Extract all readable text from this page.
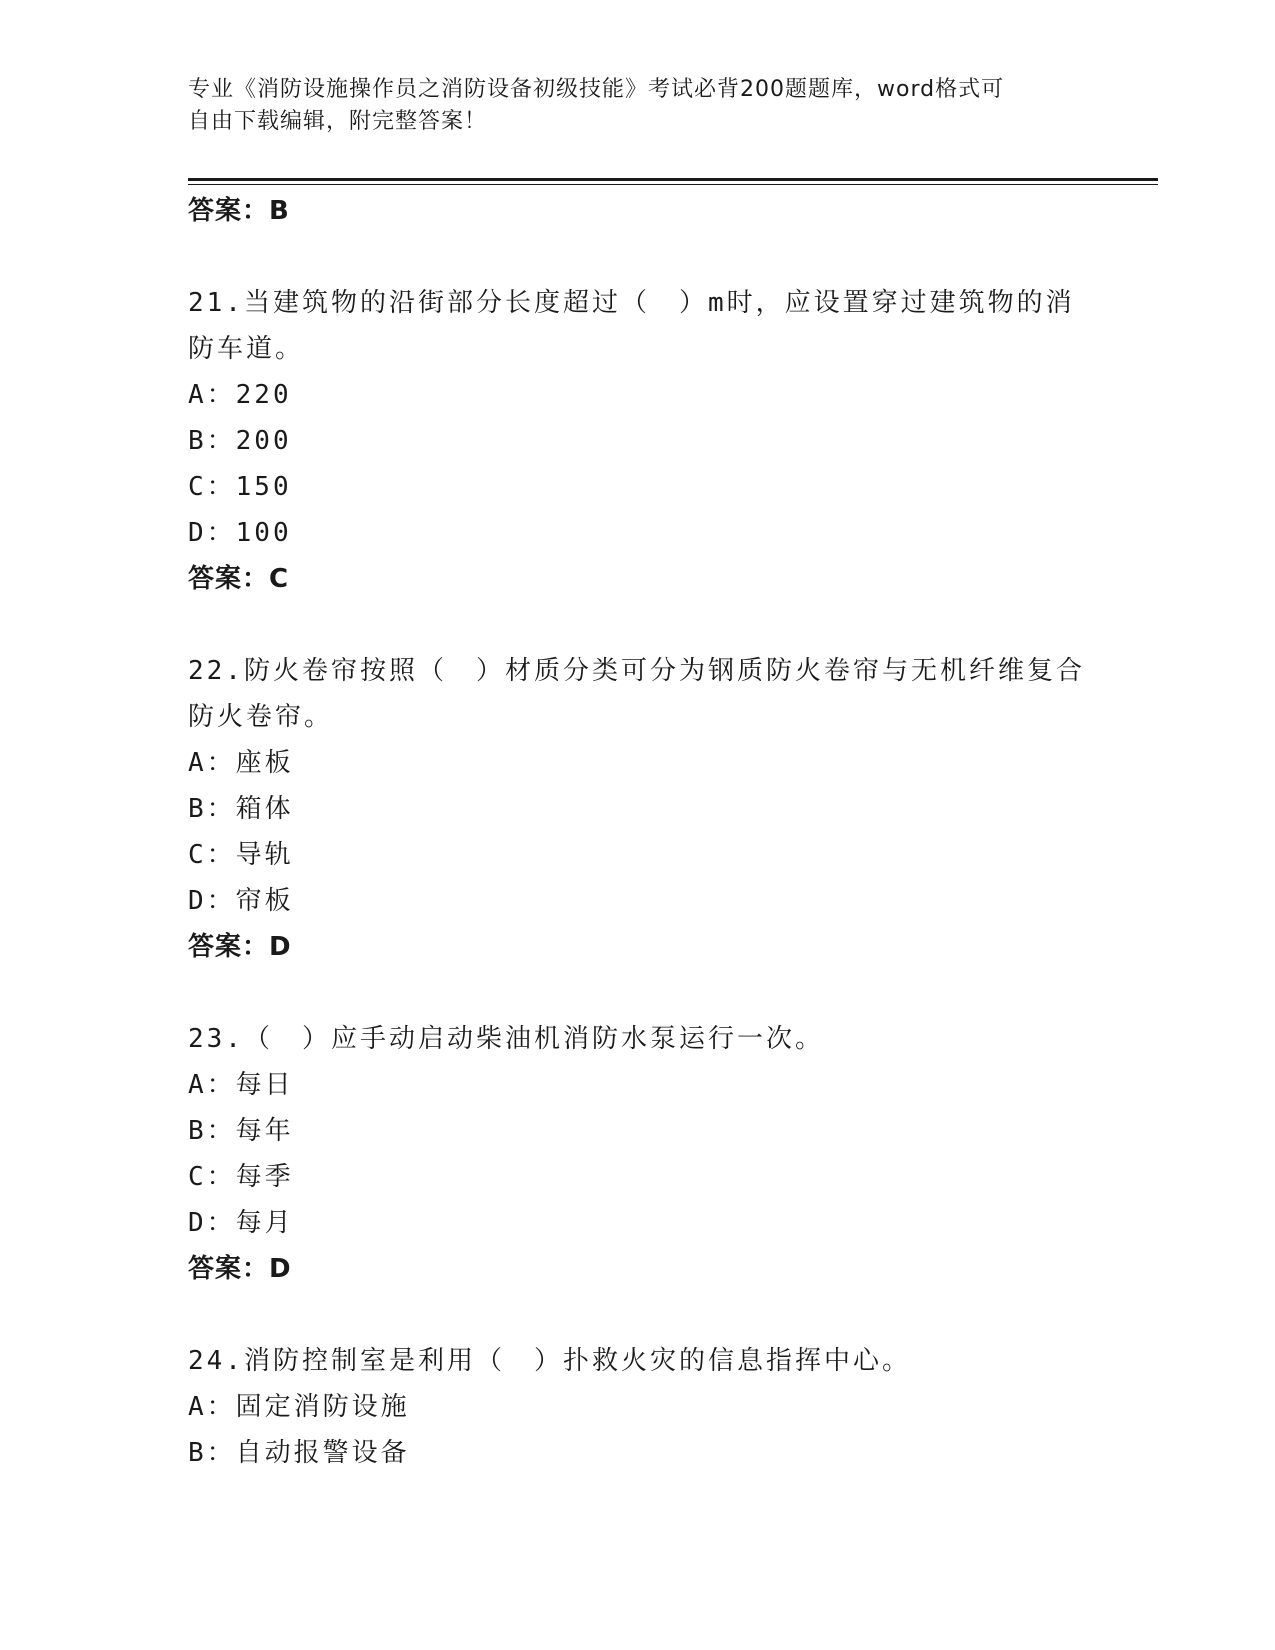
专业《消防设施操作员之消防设备初级技能》考试必背200题题库，word格式可
自由下载编辑，附完整答案！
答案：B
21.当建筑物的沿街部分长度超过（　）m时，应设置穿过建筑物的消
防车道。
A：220
B：200
C：150
D：100
答案：C
22.防火卷帘按照（　）材质分类可分为钢质防火卷帘与无机纤维复合
防火卷帘。
A：座板
B：箱体
C：导轨
D：帘板
答案：D
23.（　）应手动启动柴油机消防水泵运行一次。
A：每日
B：每年
C：每季
D：每月
答案：D
24.消防控制室是利用（　）扑救火灾的信息指挥中心。
A：固定消防设施
B：自动报警设备
